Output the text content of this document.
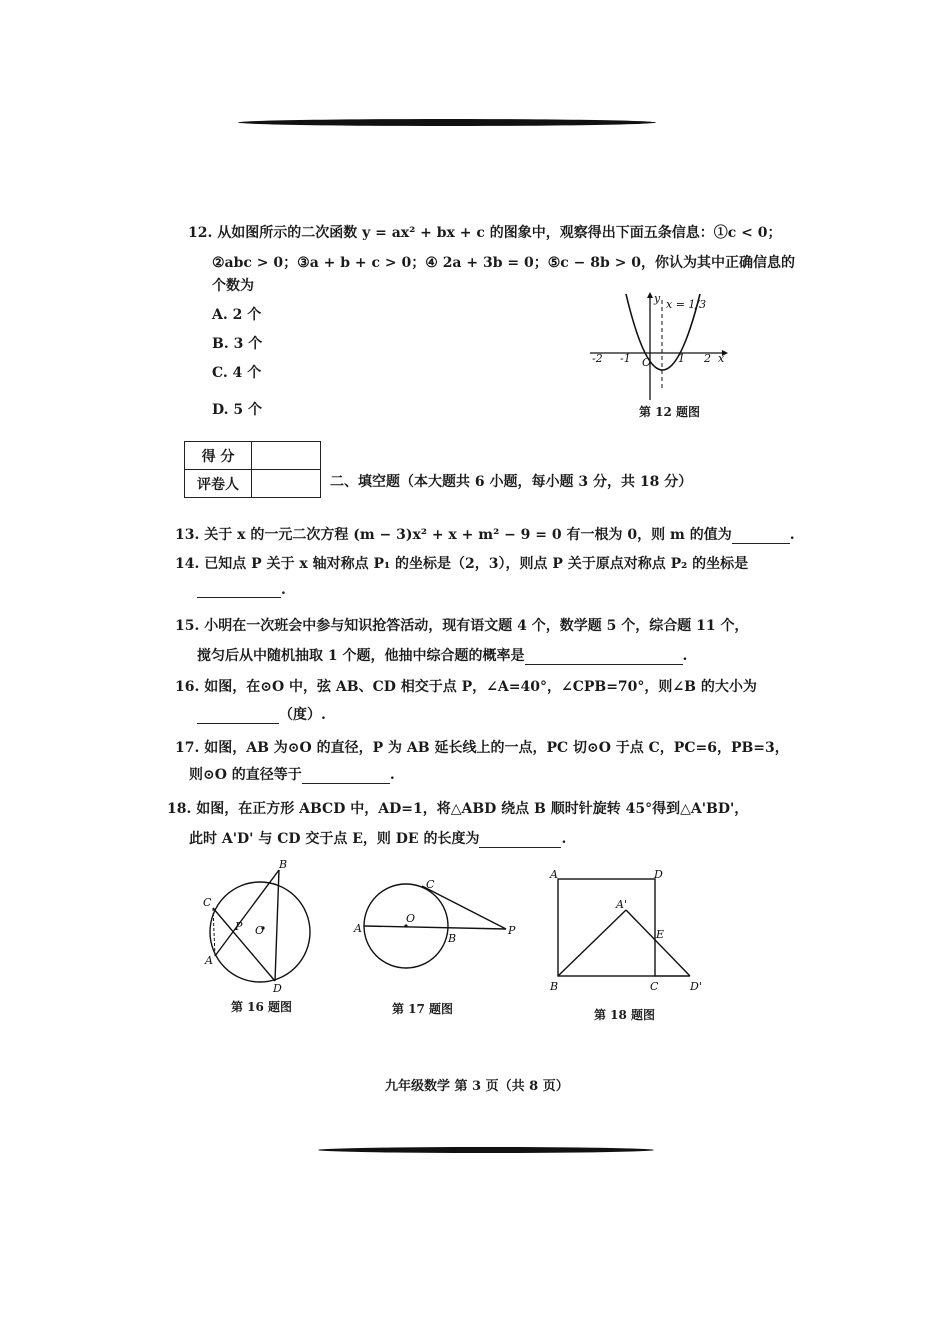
12. 从如图所示的二次函数 y = ax² + bx + c 的图象中，观察得出下面五条信息：①c < 0；
②abc > 0；③a + b + c > 0；④ 2a + 3b = 0；⑤c − 8b > 0，你认为其中正确信息的
个数为
A. 2 个
B. 3 个
C. 4 个
D. 5 个
y
-2 -1 O 1 2 x
x = 1/3
第 12 题图
得 分	
评卷人		二、填空题（本大题共 6 小题，每小题 3 分，共 18 分）
13. 关于 x 的一元二次方程 (m − 3)x² + x + m² − 9 = 0 有一根为 0，则 m 的值为	.
14. 已知点 P 关于 x 轴对称点 P₁ 的坐标是（2，3），则点 P 关于原点对称点 P₂ 的坐标是
.
15. 小明在一次班会中参与知识抢答活动，现有语文题 4 个，数学题 5 个，综合题 11 个，
搅匀后从中随机抽取 1 个题，他抽中综合题的概率是	.
16. 如图，在⊙O 中，弦 AB、CD 相交于点 P，∠A=40°，∠CPB=70°，则∠B 的大小为
（度）.
17. 如图，AB 为⊙O 的直径，P 为 AB 延长线上的一点，PC 切⊙O 于点 C，PC=6，PB=3，
则⊙O 的直径等于	.
18. 如图，在正方形 ABCD 中，AD=1，将△ABD 绕点 B 顺时针旋转 45°得到△A'BD'，
此时 A'D' 与 CD 交于点 E，则 DE 的长度为	.
B
C
P O
A
D
第 16 题图
C
O
A
B
P
第 17 题图
A	D
A'
E
B	C	D'
第 18 题图
九年级数学 第 3 页（共 8 页）
